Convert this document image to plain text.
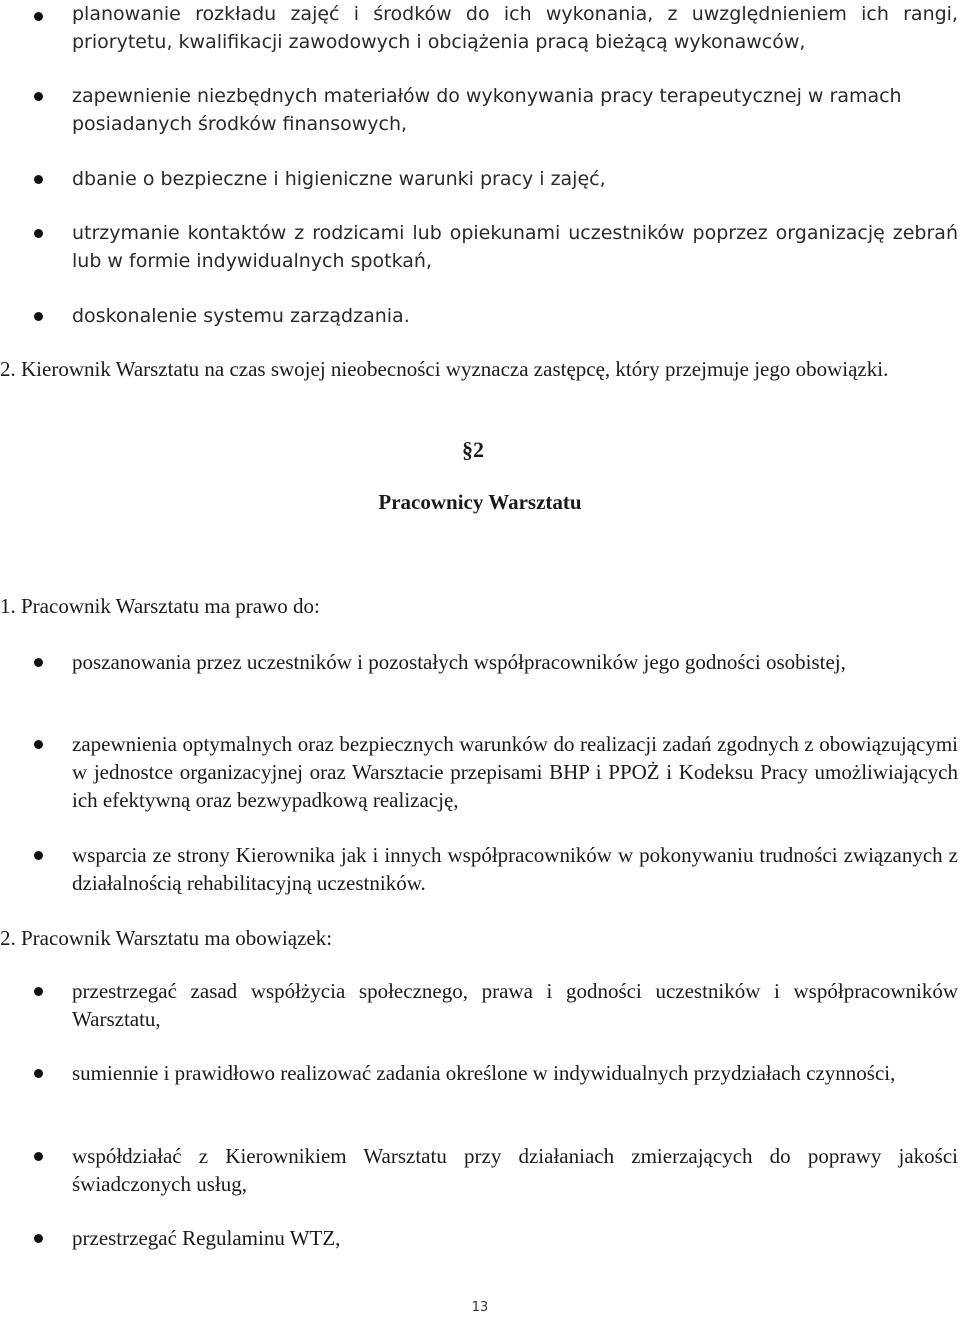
planowanie rozkładu zajęć i środków do ich wykonania, z uwzględnieniem ich rangi, priorytetu, kwalifikacji zawodowych i obciążenia pracą bieżącą wykonawców,
zapewnienie niezbędnych materiałów do wykonywania pracy terapeutycznej w ramach posiadanych środków finansowych,
dbanie o bezpieczne i higieniczne warunki pracy i zajęć,
utrzymanie kontaktów z rodzicami lub opiekunami uczestników poprzez organizację zebrań lub w formie indywidualnych spotkań,
doskonalenie systemu zarządzania.
2. Kierownik Warsztatu na czas swojej nieobecności wyznacza zastępcę, który przejmuje jego obowiązki.
§2
Pracownicy Warsztatu
1. Pracownik Warsztatu ma prawo do:
poszanowania przez uczestników i pozostałych współpracowników jego godności osobistej,
zapewnienia optymalnych oraz bezpiecznych warunków do realizacji zadań zgodnych z obowiązującymi w jednostce organizacyjnej oraz Warsztacie przepisami BHP i PPOŻ i Kodeksu Pracy umożliwiających ich efektywną oraz bezwypadkową realizację,
wsparcia ze strony Kierownika jak i innych współpracowników w pokonywaniu trudności związanych z działalnością rehabilitacyjną uczestników.
2. Pracownik Warsztatu ma obowiązek:
przestrzegać zasad współżycia społecznego, prawa i godności uczestników i współpracowników Warsztatu,
sumiennie i prawidłowo realizować zadania określone w indywidualnych przydziałach czynności,
współdziałać z Kierownikiem Warsztatu przy działaniach zmierzających do poprawy jakości świadczonych usług,
przestrzegać Regulaminu WTZ,
13
